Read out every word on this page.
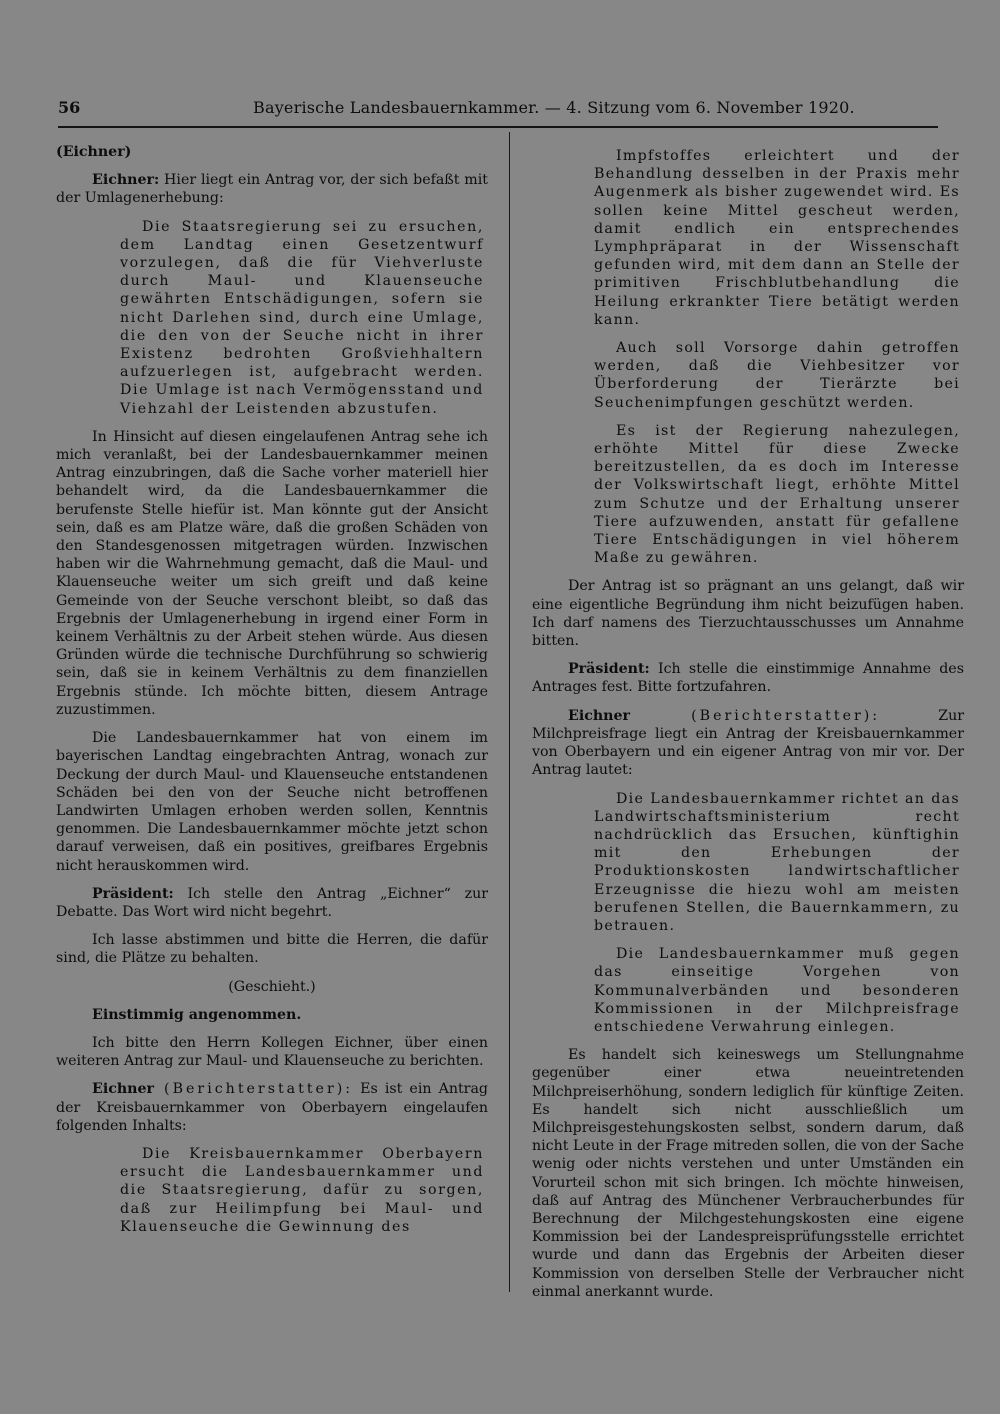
56	Bayerische Landesbauernkammer. — 4. Sitzung vom 6. November 1920.

(Eichner)

Eichner: Hier liegt ein Antrag vor, der sich befaßt mit der Umlagenerhebung:

Die Staatsregierung sei zu ersuchen, dem Landtag einen Gesetzentwurf vorzulegen, daß die für Viehverluste durch Maul- und Klauenseuche gewährten Entschädigungen, sofern sie nicht Darlehen sind, durch eine Umlage, die den von der Seuche nicht in ihrer Existenz bedrohten Großviehhaltern aufzuerlegen ist, aufgebracht werden. Die Umlage ist nach Vermögensstand und Viehzahl der Leistenden abzustufen.

In Hinsicht auf diesen eingelaufenen Antrag sehe ich mich veranlaßt, bei der Landesbauernkammer meinen Antrag einzubringen, daß die Sache vorher materiell hier behandelt wird, da die Landesbauernkammer die berufenste Stelle hiefür ist. Man könnte gut der Ansicht sein, daß es am Platze wäre, daß die großen Schäden von den Standesgenossen mitgetragen würden. Inzwischen haben wir die Wahrnehmung gemacht, daß die Maul- und Klauenseuche weiter um sich greift und daß keine Gemeinde von der Seuche verschont bleibt, so daß das Ergebnis der Umlagenerhebung in irgend einer Form in keinem Verhältnis zu der Arbeit stehen würde. Aus diesen Gründen würde die technische Durchführung so schwierig sein, daß sie in keinem Verhältnis zu dem finanziellen Ergebnis stünde. Ich möchte bitten, diesem Antrage zuzustimmen.

Die Landesbauernkammer hat von einem im bayerischen Landtag eingebrachten Antrag, wonach zur Deckung der durch Maul- und Klauenseuche entstandenen Schäden bei den von der Seuche nicht betroffenen Landwirten Umlagen erhoben werden sollen, Kenntnis genommen. Die Landesbauernkammer möchte jetzt schon darauf verweisen, daß ein positives, greifbares Ergebnis nicht herauskommen wird.

Präsident: Ich stelle den Antrag „Eichner“ zur Debatte. Das Wort wird nicht begehrt.

Ich lasse abstimmen und bitte die Herren, die dafür sind, die Plätze zu behalten.

(Geschieht.)

Einstimmig angenommen.

Ich bitte den Herrn Kollegen Eichner, über einen weiteren Antrag zur Maul- und Klauenseuche zu berichten.

Eichner (Berichterstatter): Es ist ein Antrag der Kreisbauernkammer von Oberbayern eingelaufen folgenden Inhalts:

Die Kreisbauernkammer Oberbayern ersucht die Landesbauernkammer und die Staatsregierung, dafür zu sorgen, daß zur Heilimpfung bei Maul- und Klauenseuche die Gewinnung des

Impfstoffes erleichtert und der Behandlung desselben in der Praxis mehr Augenmerk als bisher zugewendet wird. Es sollen keine Mittel gescheut werden, damit endlich ein entsprechendes Lymphpräparat in der Wissenschaft gefunden wird, mit dem dann an Stelle der primitiven Frischblutbehandlung die Heilung erkrankter Tiere betätigt werden kann.

Auch soll Vorsorge dahin getroffen werden, daß die Viehbesitzer vor Überforderung der Tierärzte bei Seuchenimpfungen geschützt werden.

Es ist der Regierung nahezulegen, erhöhte Mittel für diese Zwecke bereitzustellen, da es doch im Interesse der Volkswirtschaft liegt, erhöhte Mittel zum Schutze und der Erhaltung unserer Tiere aufzuwenden, anstatt für gefallene Tiere Entschädigungen in viel höherem Maße zu gewähren.

Der Antrag ist so prägnant an uns gelangt, daß wir eine eigentliche Begründung ihm nicht beizufügen haben. Ich darf namens des Tierzuchtausschusses um Annahme bitten.

Präsident: Ich stelle die einstimmige Annahme des Antrages fest. Bitte fortzufahren.

Eichner (Berichterstatter): Zur Milchpreisfrage liegt ein Antrag der Kreisbauernkammer von Oberbayern und ein eigener Antrag von mir vor. Der Antrag lautet:

Die Landesbauernkammer richtet an das Landwirtschaftsministerium recht nachdrücklich das Ersuchen, künftighin mit den Erhebungen der Produktionskosten landwirtschaftlicher Erzeugnisse die hiezu wohl am meisten berufenen Stellen, die Bauernkammern, zu betrauen.

Die Landesbauernkammer muß gegen das einseitige Vorgehen von Kommunalverbänden und besonderen Kommissionen in der Milchpreisfrage entschiedene Verwahrung einlegen.

Es handelt sich keineswegs um Stellungnahme gegenüber einer etwa neueintretenden Milchpreiserhöhung, sondern lediglich für künftige Zeiten. Es handelt sich nicht ausschließlich um Milchpreisgestehungskosten selbst, sondern darum, daß nicht Leute in der Frage mitreden sollen, die von der Sache wenig oder nichts verstehen und unter Umständen ein Vorurteil schon mit sich bringen. Ich möchte hinweisen, daß auf Antrag des Münchener Verbraucherbundes für Berechnung der Milchgestehungskosten eine eigene Kommission bei der Landespreisprüfungsstelle errichtet wurde und dann das Ergebnis der Arbeiten dieser Kommission von derselben Stelle der Verbraucher nicht einmal anerkannt wurde.
